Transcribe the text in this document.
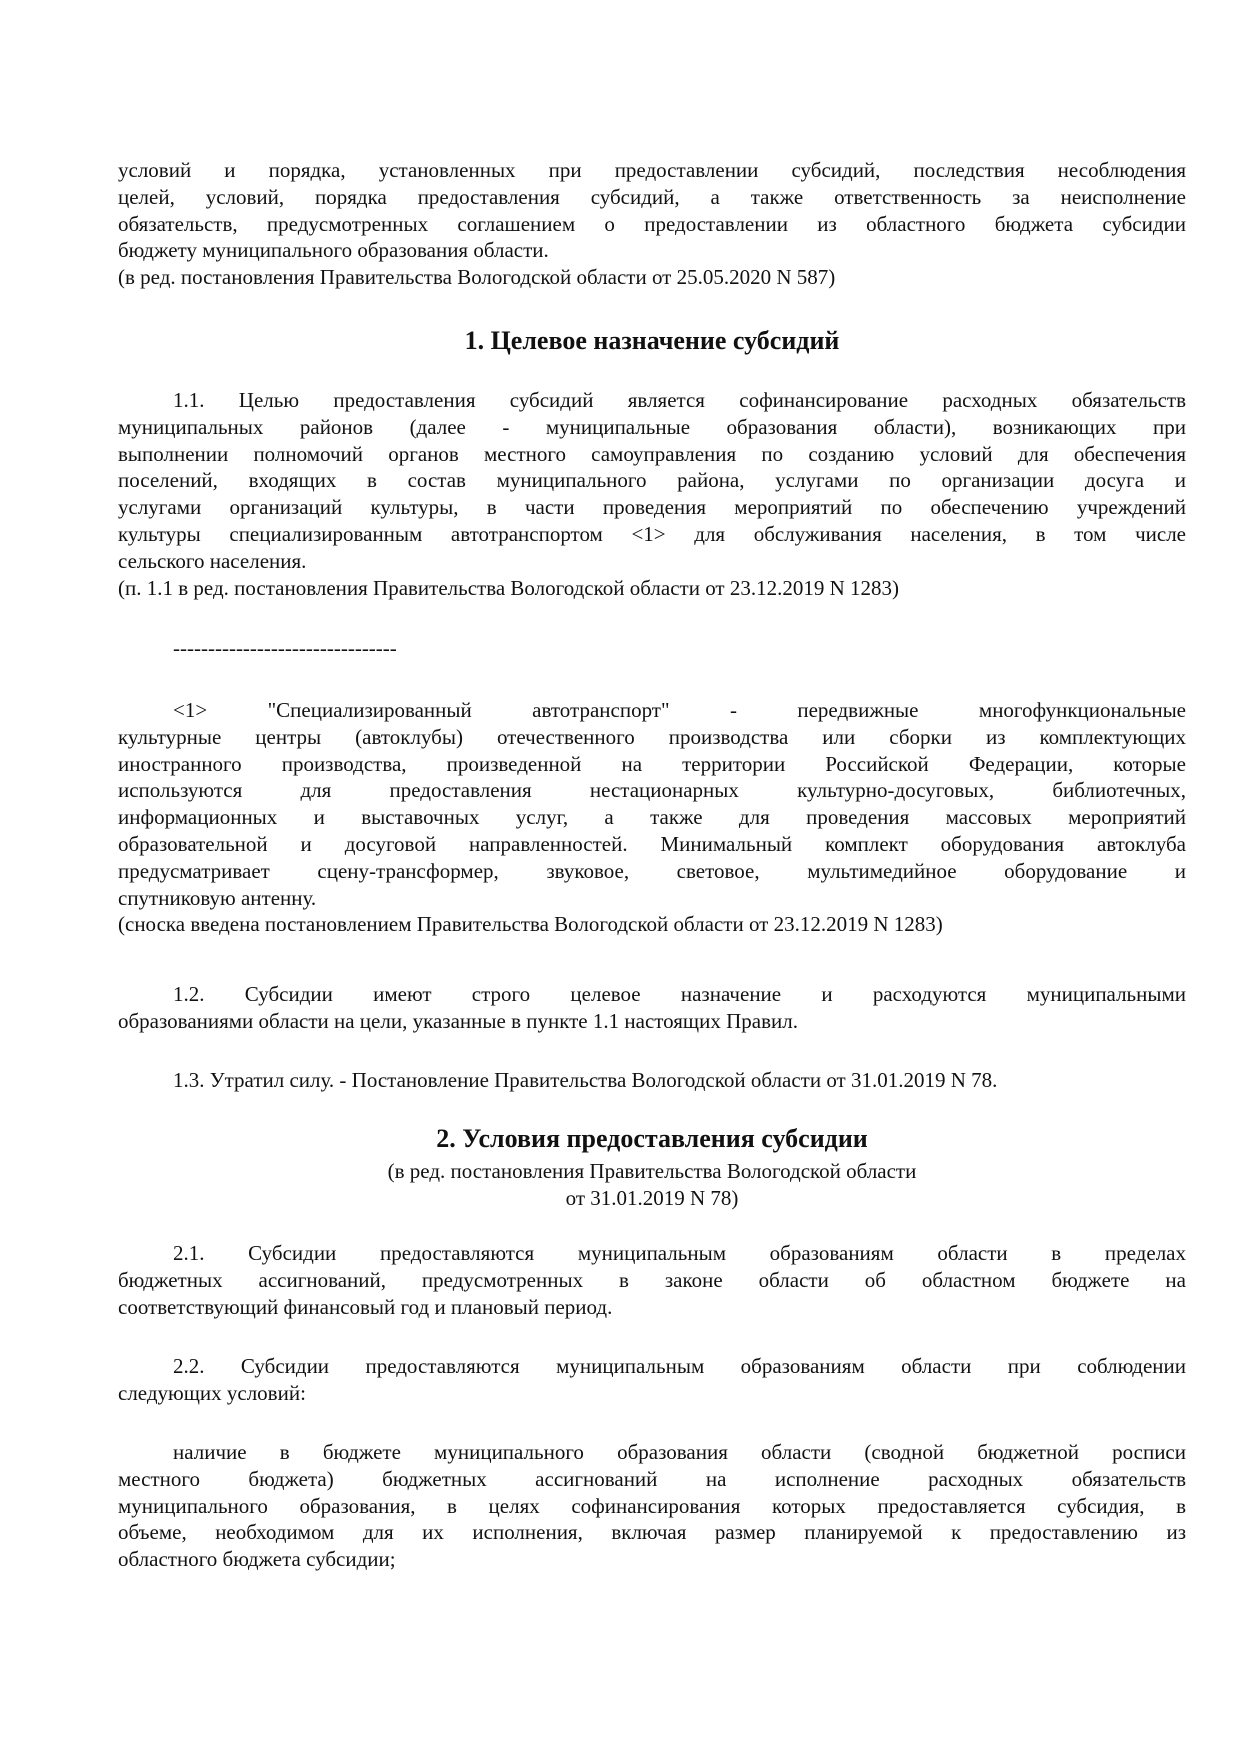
условий и порядка, установленных при предоставлении субсидий, последствия несоблюдения
целей, условий, порядка предоставления субсидий, а также ответственность за неисполнение
обязательств, предусмотренных соглашением о предоставлении из областного бюджета субсидии
бюджету муниципального образования области.
(в ред. постановления Правительства Вологодской области от 25.05.2020 N 587)
1. Целевое назначение субсидий
1.1. Целью предоставления субсидий является софинансирование расходных обязательств
муниципальных районов (далее - муниципальные образования области), возникающих при
выполнении полномочий органов местного самоуправления по созданию условий для обеспечения
поселений, входящих в состав муниципального района, услугами по организации досуга и
услугами организаций культуры, в части проведения мероприятий по обеспечению учреждений
культуры специализированным автотранспортом <1> для обслуживания населения, в том числе
сельского населения.
(п. 1.1 в ред. постановления Правительства Вологодской области от 23.12.2019 N 1283)
--------------------------------
<1> "Специализированный автотранспорт" - передвижные многофункциональные
культурные центры (автоклубы) отечественного производства или сборки из комплектующих
иностранного производства, произведенной на территории Российской Федерации, которые
используются для предоставления нестационарных культурно-досуговых, библиотечных,
информационных и выставочных услуг, а также для проведения массовых мероприятий
образовательной и досуговой направленностей. Минимальный комплект оборудования автоклуба
предусматривает сцену-трансформер, звуковое, световое, мультимедийное оборудование и
спутниковую антенну.
(сноска введена постановлением Правительства Вологодской области от 23.12.2019 N 1283)
1.2. Субсидии имеют строго целевое назначение и расходуются муниципальными
образованиями области на цели, указанные в пункте 1.1 настоящих Правил.
1.3. Утратил силу. - Постановление Правительства Вологодской области от 31.01.2019 N 78.
2. Условия предоставления субсидии
(в ред. постановления Правительства Вологодской области
от 31.01.2019 N 78)
2.1. Субсидии предоставляются муниципальным образованиям области в пределах
бюджетных ассигнований, предусмотренных в законе области об областном бюджете на
соответствующий финансовый год и плановый период.
2.2. Субсидии предоставляются муниципальным образованиям области при соблюдении
следующих условий:
наличие в бюджете муниципального образования области (сводной бюджетной росписи
местного бюджета) бюджетных ассигнований на исполнение расходных обязательств
муниципального образования, в целях софинансирования которых предоставляется субсидия, в
объеме, необходимом для их исполнения, включая размер планируемой к предоставлению из
областного бюджета субсидии;
